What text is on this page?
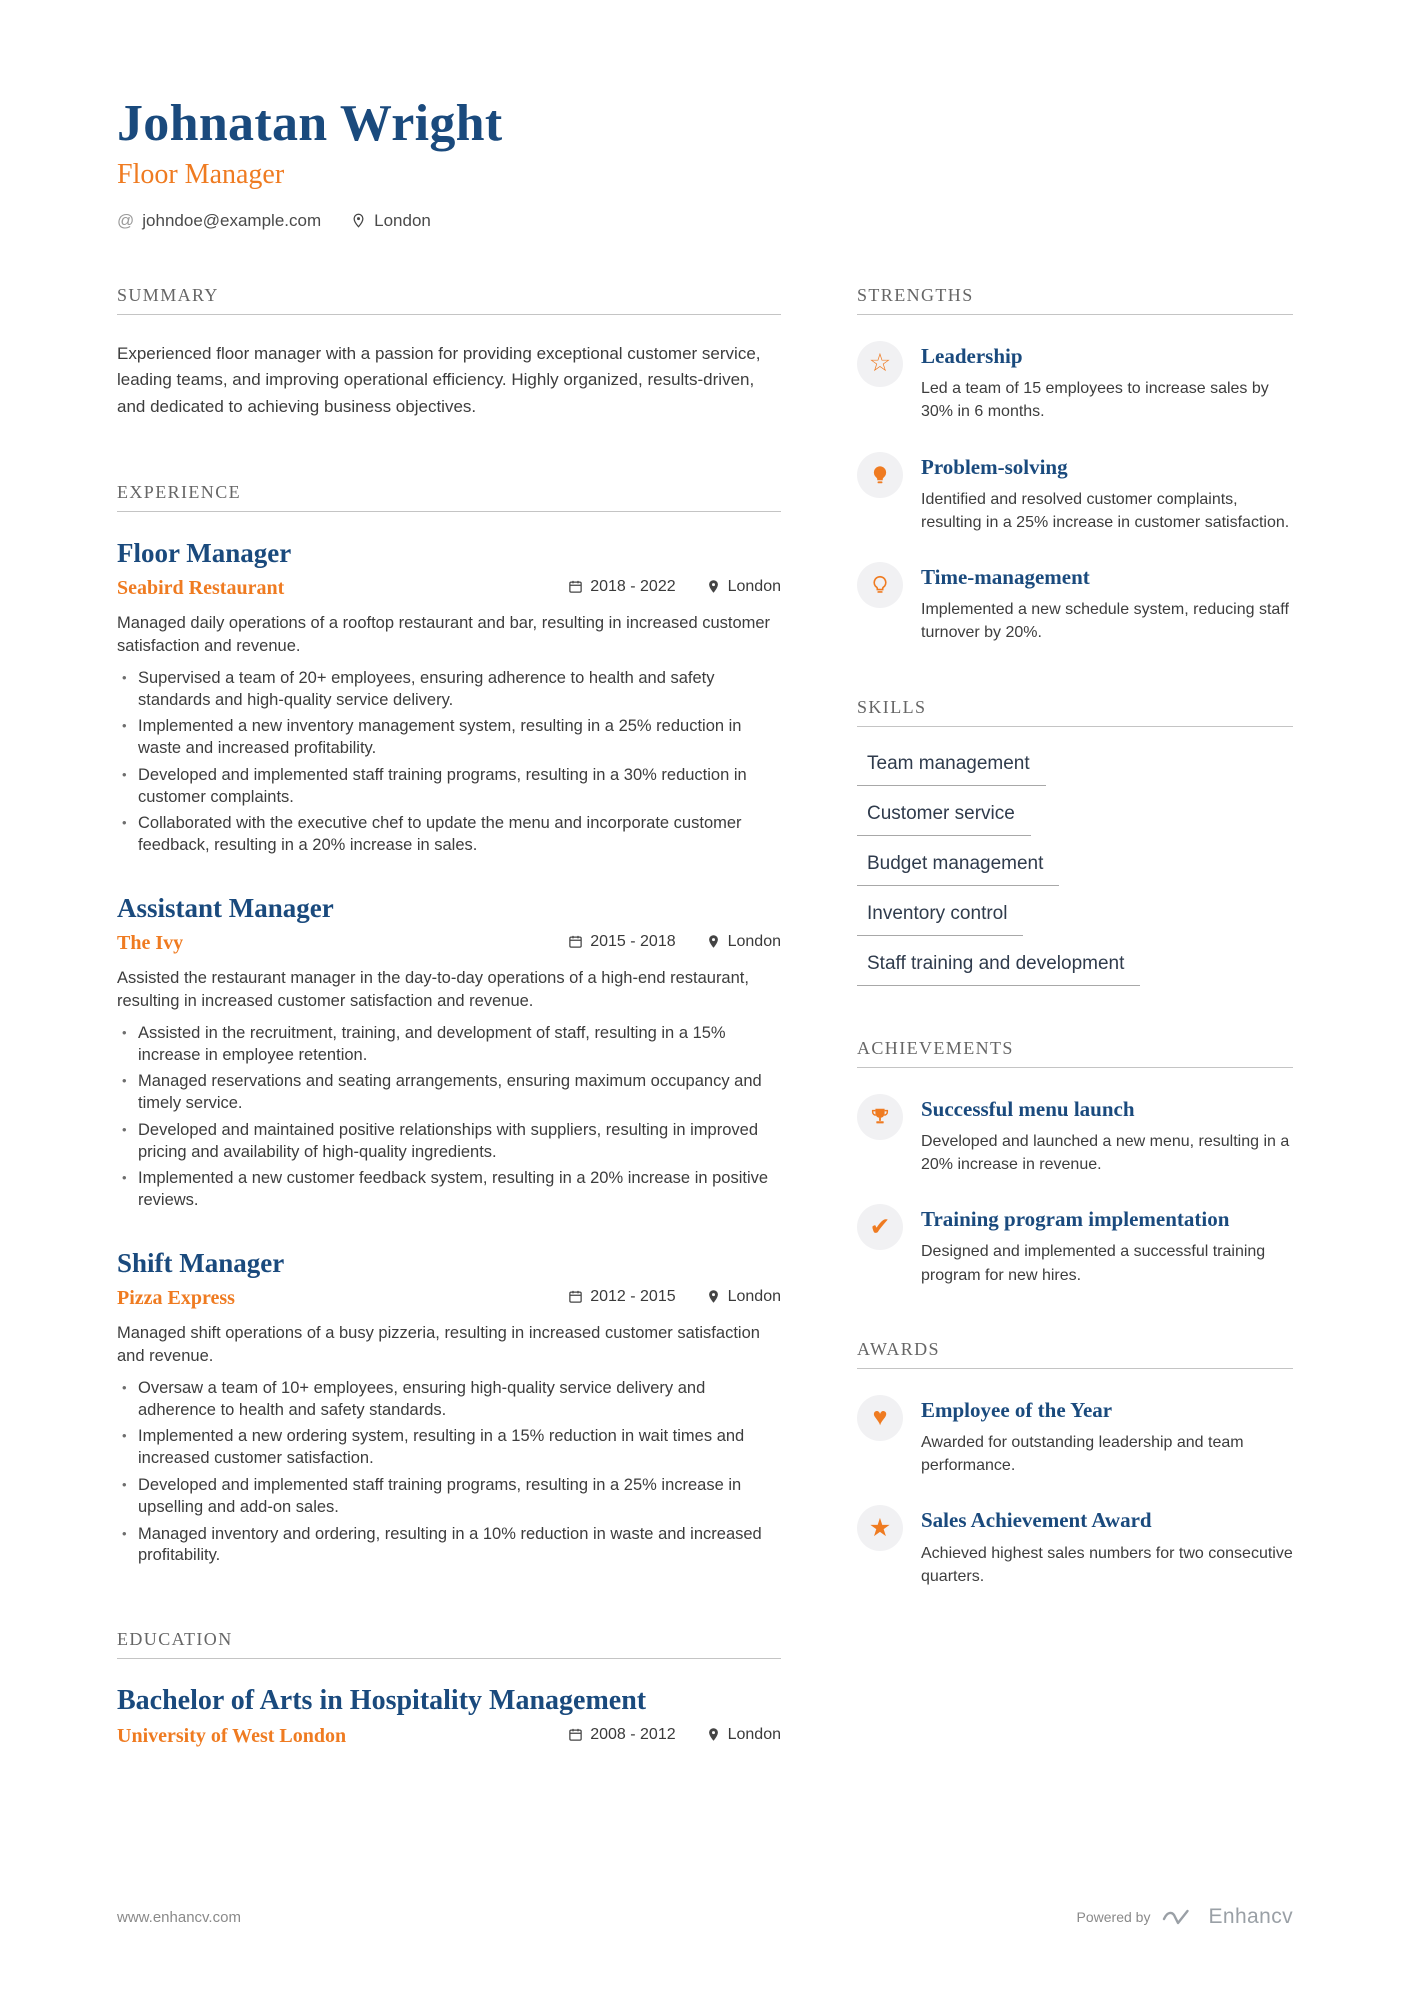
Johnatan Wright
Floor Manager
@ johndoe@example.com	London
SUMMARY

Experienced floor manager with a passion for providing exceptional customer service, leading teams, and improving operational efficiency. Highly organized, results-driven, and dedicated to achieving business objectives.

EXPERIENCE
Floor Manager
Seabird Restaurant	2018 - 2022	London

Managed daily operations of a rooftop restaurant and bar, resulting in increased customer satisfaction and revenue.

• Supervised a team of 20+ employees, ensuring adherence to health and safety standards and high-quality service delivery.
• Implemented a new inventory management system, resulting in a 25% reduction in waste and increased profitability.
• Developed and implemented staff training programs, resulting in a 30% reduction in customer complaints.
• Collaborated with the executive chef to update the menu and incorporate customer feedback, resulting in a 20% increase in sales.
Assistant Manager
The Ivy	2015 - 2018	London

Assisted the restaurant manager in the day-to-day operations of a high-end restaurant, resulting in increased customer satisfaction and revenue.

• Assisted in the recruitment, training, and development of staff, resulting in a 15% increase in employee retention.
• Managed reservations and seating arrangements, ensuring maximum occupancy and timely service.
• Developed and maintained positive relationships with suppliers, resulting in improved pricing and availability of high-quality ingredients.
• Implemented a new customer feedback system, resulting in a 20% increase in positive reviews.
Shift Manager
Pizza Express	2012 - 2015	London

Managed shift operations of a busy pizzeria, resulting in increased customer satisfaction and revenue.

• Oversaw a team of 10+ employees, ensuring high-quality service delivery and adherence to health and safety standards.
• Implemented a new ordering system, resulting in a 15% reduction in wait times and increased customer satisfaction.
• Developed and implemented staff training programs, resulting in a 25% increase in upselling and add-on sales.
• Managed inventory and ordering, resulting in a 10% reduction in waste and increased profitability.
EDUCATION
Bachelor of Arts in Hospitality Management
University of West London	2008 - 2012	London
STRENGTHS
☆	Leadership

Led a team of 15 employees to increase sales by 30% in 6 months.

Problem-solving

Identified and resolved customer complaints, resulting in a 25% increase in customer satisfaction.

Time-management

Implemented a new schedule system, reducing staff turnover by 20%.

SKILLS
Team management
Customer service
Budget management
Inventory control
Staff training and development
ACHIEVEMENTS
Successful menu launch

Developed and launched a new menu, resulting in a 20% increase in revenue.

✔	Training program implementation

Designed and implemented a successful training program for new hires.

AWARDS
♥	Employee of the Year

Awarded for outstanding leadership and team performance.

★	Sales Achievement Award

Achieved highest sales numbers for two consecutive quarters.

www.enhancv.com	Powered by	Enhancv
